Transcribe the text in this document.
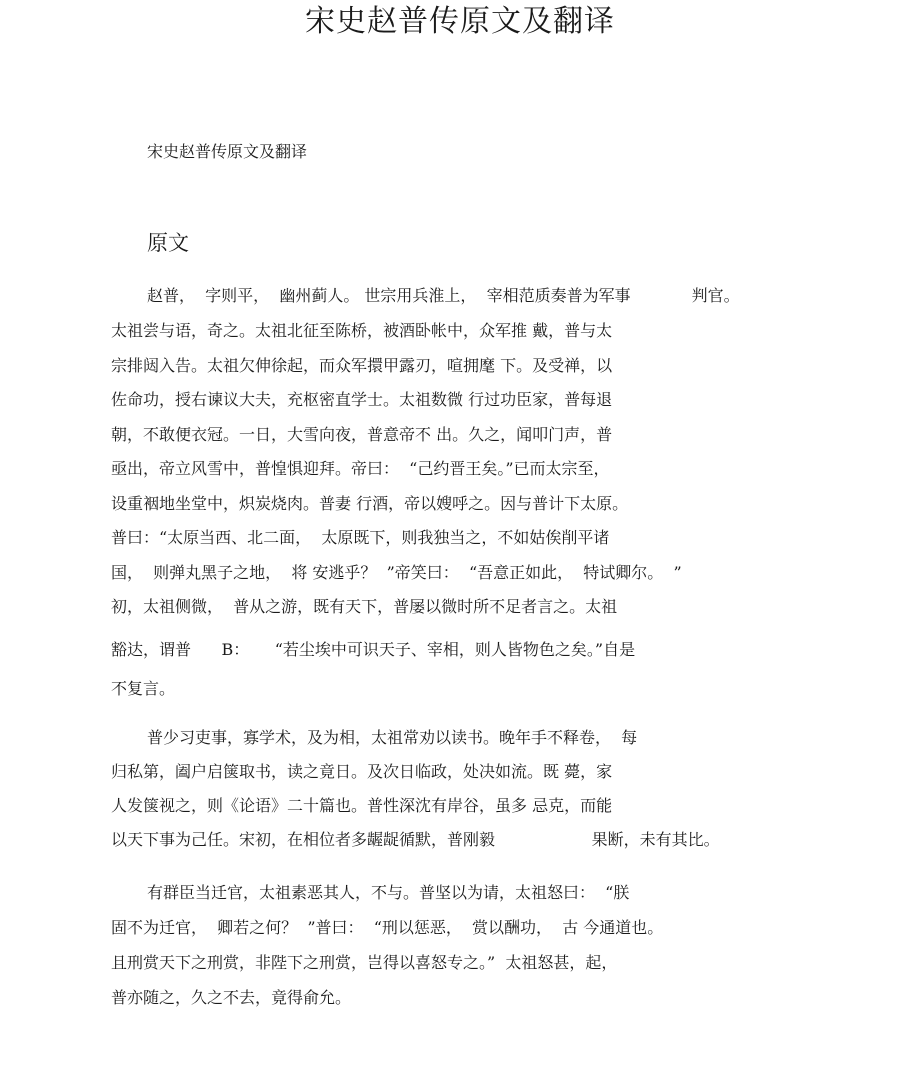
宋史赵普传原文及翻译
宋史赵普传原文及翻译
原文
赵普，  字则平，  幽州蓟人。 世宗用兵淮上，  宰相范质奏普为军事            判官。
太祖尝与语，奇之。太祖北征至陈桥，被酒卧帐中，众军推 戴，普与太
宗排闼入告。太祖欠伸徐起，而众军擐甲露刃，喧拥麾 下。及受禅，以
佐命功，授右谏议大夫，充枢密直学士。太祖数微 行过功臣家，普每退
朝，不敢便衣冠。一日，大雪向夜，普意帝不 出。久之，闻叩门声，普
亟出，帝立风雪中，普惶惧迎拜。帝曰：  “己约晋王矣。”已而太宗至，
设重裀地坐堂中，炽炭烧肉。普妻 行酒，帝以嫂呼之。因与普计下太原。
普曰：“太原当西、北二面，  太原既下，则我独当之，不如姑俟削平诸
国，  则弹丸黑子之地，  将 安逃乎？  ”帝笑曰：  “吾意正如此，  特试卿尔。  ”
初，太祖侧微，  普从之游，既有天下，普屡以微时所不足者言之。太祖
豁达，谓普      B：     “若尘埃中可识天子、宰相，则人皆物色之矣。”自是
不复言。
普少习吏事，寡学术，及为相，太祖常劝以读书。晚年手不释卷，  每
归私第，阖户启箧取书，读之竟日。及次日临政，处决如流。既 薨，家
人发箧视之，则《论语》二十篇也。普性深沈有岸谷，虽多 忌克，而能
以天下事为己任。宋初，在相位者多龌龊循默，普刚毅                   果断，未有其比。
有群臣当迁官，太祖素恶其人，不与。普坚以为请，太祖怒曰：  “朕
固不为迁官，  卿若之何？  ”普曰：  “刑以惩恶，  赏以酬功，  古 今通道也。
且刑赏天下之刑赏，非陛下之刑赏，岂得以喜怒专之。”  太祖怒甚，起，
普亦随之，久之不去，竟得俞允。
